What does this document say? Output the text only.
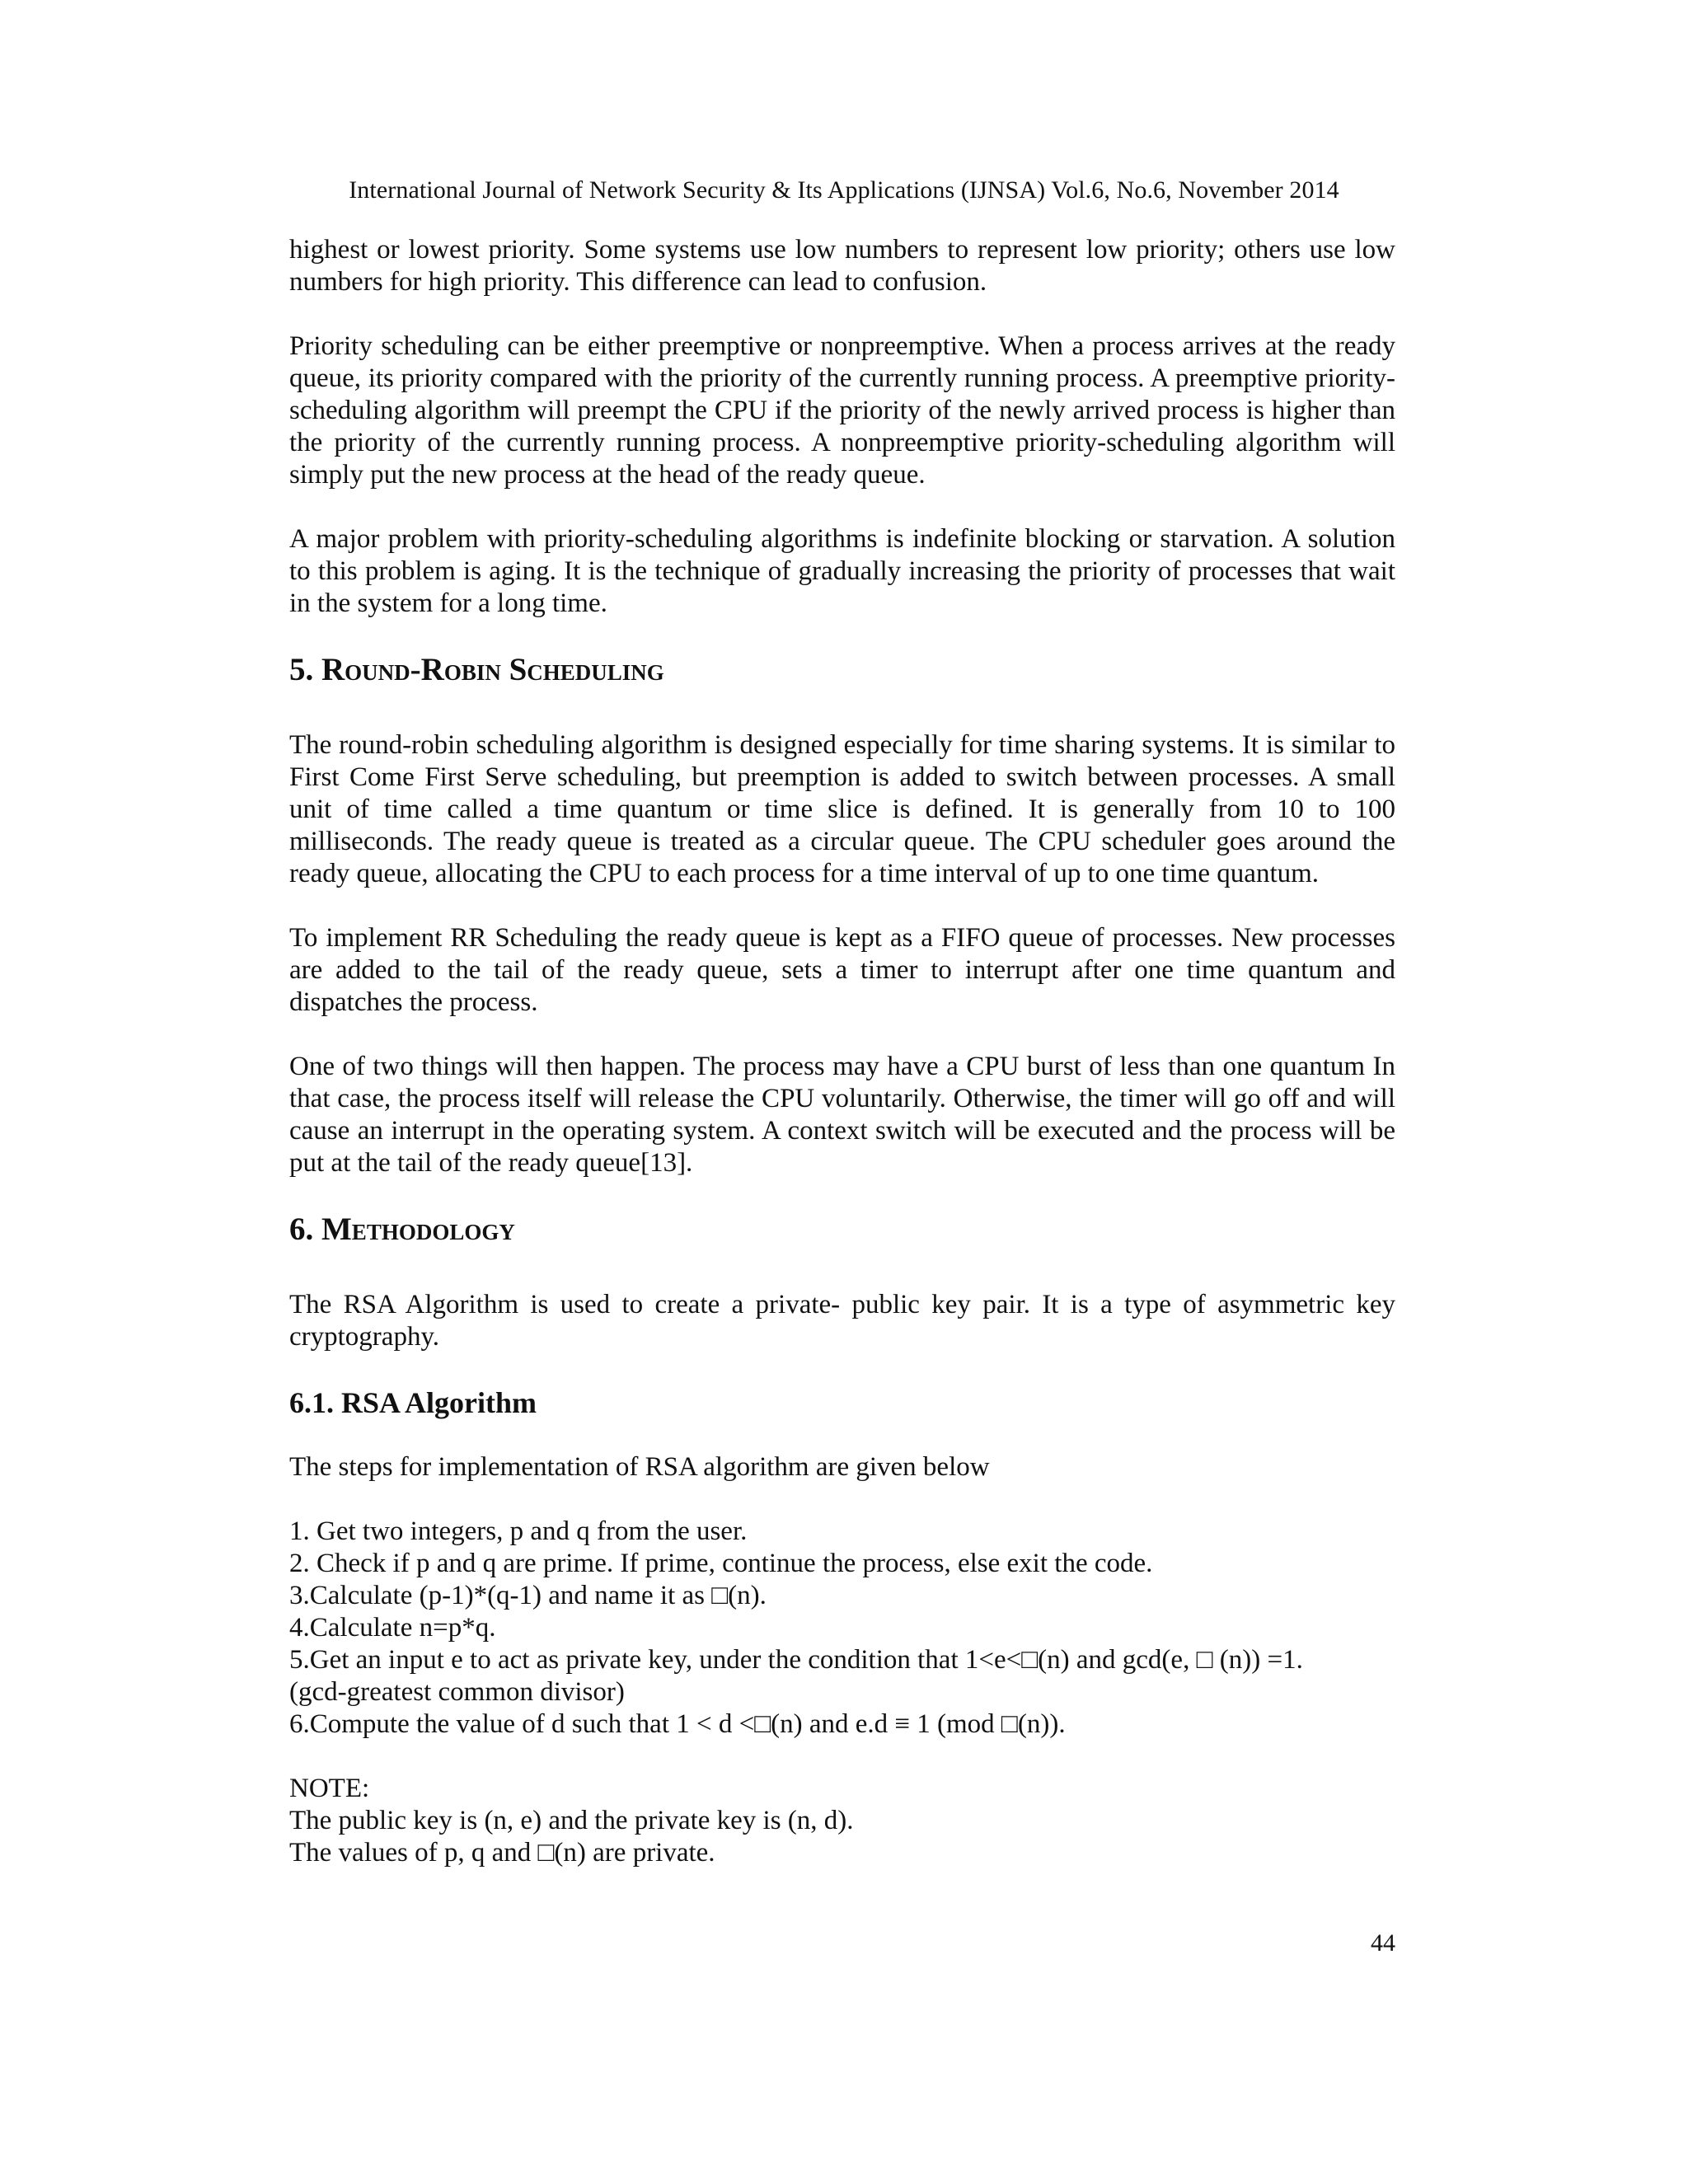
International Journal of Network Security & Its Applications (IJNSA) Vol.6, No.6, November 2014

highest or lowest priority. Some systems use low numbers to represent low priority; others use low numbers for high priority. This difference can lead to confusion.

Priority scheduling can be either preemptive or nonpreemptive. When a process arrives at the ready queue, its priority compared with the priority of the currently running process. A preemptive priority-scheduling algorithm will preempt the CPU if the priority of the newly arrived process is higher than the priority of the currently running process. A nonpreemptive priority-scheduling algorithm will simply put the new process at the head of the ready queue.

A major problem with priority-scheduling algorithms is indefinite blocking or starvation. A solution to this problem is aging. It is the technique of gradually increasing the priority of processes that wait in the system for a long time.

5. Round-Robin Scheduling

The round-robin scheduling algorithm is designed especially for time sharing systems. It is similar to First Come First Serve scheduling, but preemption is added to switch between processes. A small unit of time called a time quantum or time slice is defined. It is generally from 10 to 100 milliseconds. The ready queue is treated as a circular queue. The CPU scheduler goes around the ready queue, allocating the CPU to each process for a time interval of up to one time quantum.

To implement RR Scheduling the ready queue is kept as a FIFO queue of processes. New processes are added to the tail of the ready queue, sets a timer to interrupt after one time quantum and dispatches the process.

One of two things will then happen. The process may have a CPU burst of less than one quantum In that case, the process itself will release the CPU voluntarily. Otherwise, the timer will go off and will cause an interrupt in the operating system. A context switch will be executed and the process will be put at the tail of the ready queue[13].

6. Methodology

The RSA Algorithm is used to create a private- public key pair. It is a type of asymmetric key cryptography.

6.1. RSA Algorithm

The steps for implementation of RSA algorithm are given below

1. Get two integers, p and q from the user.
2. Check if p and q are prime. If prime, continue the process, else exit the code.
3.Calculate (p-1)*(q-1) and name it as □(n).
4.Calculate n=p*q.
5.Get an input e to act as private key, under the condition that 1<e<□(n) and gcd(e, □ (n)) =1.
(gcd-greatest common divisor)
6.Compute the value of d such that 1 < d <□(n) and e.d ≡ 1 (mod □(n)).
NOTE:
The public key is (n, e) and the private key is (n, d).
The values of p, q and □(n) are private.
44
